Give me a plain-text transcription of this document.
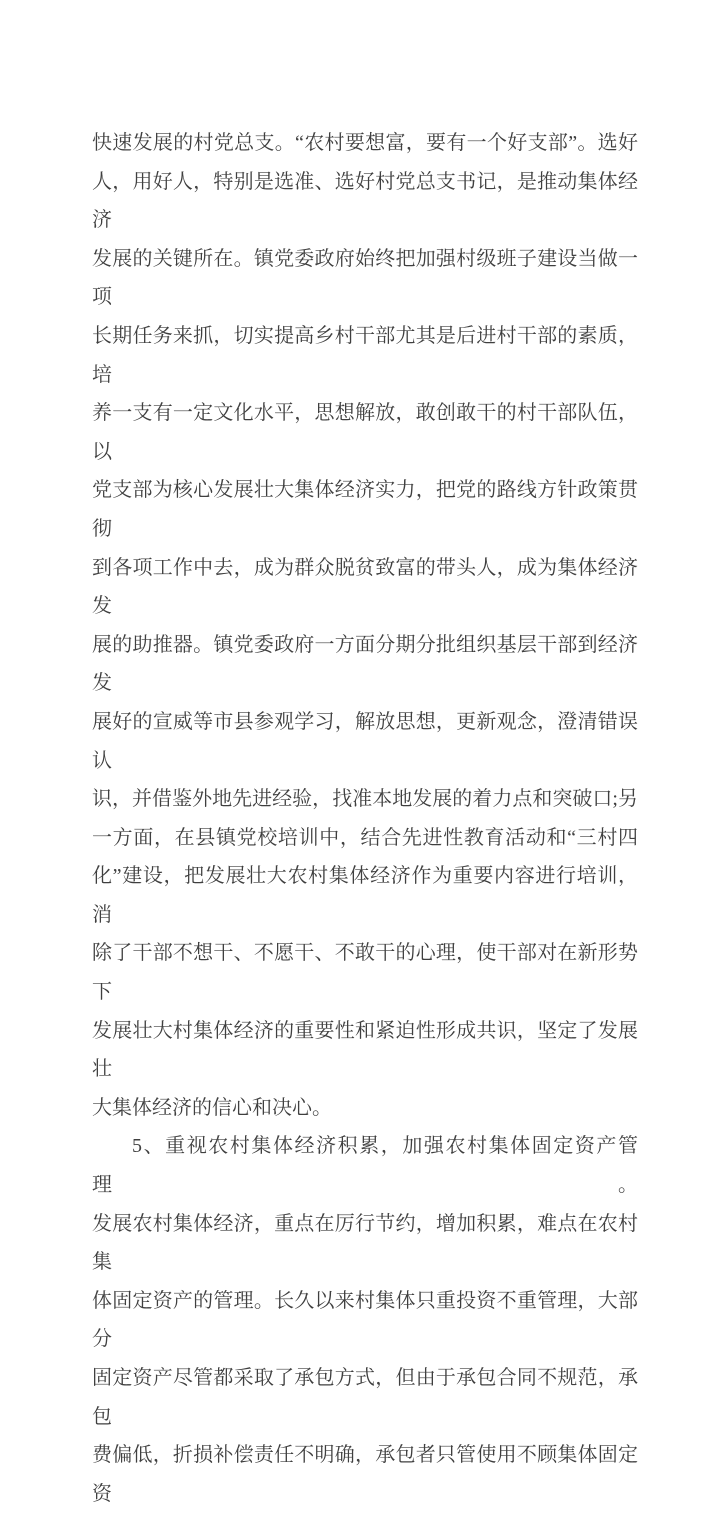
快速发展的村党总支。“农村要想富，要有一个好支部”。选好
人，用好人，特别是选准、选好村党总支书记，是推动集体经济
发展的关键所在。镇党委政府始终把加强村级班子建设当做一项
长期任务来抓，切实提高乡村干部尤其是后进村干部的素质，培
养一支有一定文化水平，思想解放，敢创敢干的村干部队伍，以
党支部为核心发展壮大集体经济实力，把党的路线方针政策贯彻
到各项工作中去，成为群众脱贫致富的带头人，成为集体经济发
展的助推器。镇党委政府一方面分期分批组织基层干部到经济发
展好的宣威等市县参观学习，解放思想，更新观念，澄清错误认
识，并借鉴外地先进经验，找准本地发展的着力点和突破口;另
一方面，在县镇党校培训中，结合先进性教育活动和“三村四
化”建设，把发展壮大农村集体经济作为重要内容进行培训，消
除了干部不想干、不愿干、不敢干的心理，使干部对在新形势下
发展壮大村集体经济的重要性和紧迫性形成共识，坚定了发展壮
大集体经济的信心和决心。
5、重视农村集体经济积累，加强农村集体固定资产管理。
发展农村集体经济，重点在厉行节约，增加积累，难点在农村集
体固定资产的管理。长久以来村集体只重投资不重管理，大部分
固定资产尽管都采取了承包方式，但由于承包合同不规范，承包
费偏低，折损补偿责任不明确，承包者只管使用不顾集体固定资
